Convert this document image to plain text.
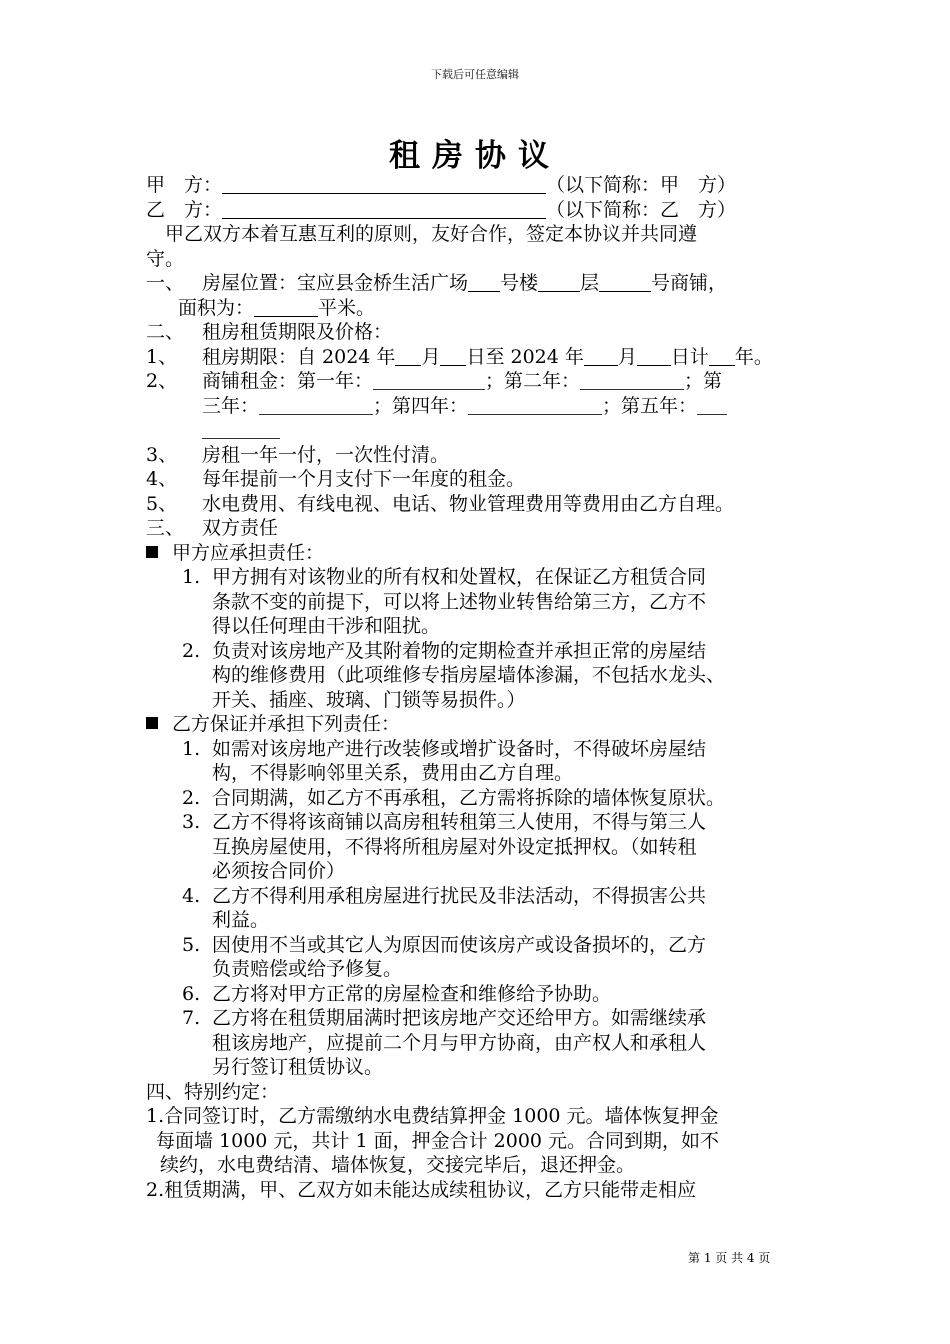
下载后可任意编辑
租房协议
甲　方：	（以下简称：甲　方）
乙　方：	（以下简称：乙　方）
　甲乙双方本着互惠互利的原则，友好合作，签定本协议并共同遵
守。
一、 房屋位置：宝应县金桥生活广场 号楼 层	号商铺，
面积为：	平米。
二、 租房租赁期限及价格：
1、 租房期限：自 2024 年 月 日至 2024 年 月 日计 年。
2、 商铺租金：第一年：	；第二年：	；第
三年：	；第四年：	；第五年：
3、 房租一年一付，一次性付清。
4、 每年提前一个月支付下一年度的租金。
5、 水电费用、有线电视、电话、物业管理费用等费用由乙方自理。
三、 双方责任
甲方应承担责任：
1. 甲方拥有对该物业的所有权和处置权，在保证乙方租赁合同
条款不变的前提下，可以将上述物业转售给第三方，乙方不
得以任何理由干涉和阻扰。
2. 负责对该房地产及其附着物的定期检查并承担正常的房屋结
构的维修费用（此项维修专指房屋墙体渗漏，不包括水龙头、
开关、插座、玻璃、门锁等易损件。）
乙方保证并承担下列责任：
1. 如需对该房地产进行改装修或增扩设备时，不得破坏房屋结
构，不得影响邻里关系，费用由乙方自理。
2. 合同期满，如乙方不再承租，乙方需将拆除的墙体恢复原状。
3. 乙方不得将该商铺以高房租转租第三人使用，不得与第三人
互换房屋使用，不得将所租房屋对外设定抵押权。（如转租
必须按合同价）
4. 乙方不得利用承租房屋进行扰民及非法活动，不得损害公共
利益。
5. 因使用不当或其它人为原因而使该房产或设备损坏的，乙方
负责赔偿或给予修复。
6. 乙方将对甲方正常的房屋检查和维修给予协助。
7. 乙方将在租赁期届满时把该房地产交还给甲方。如需继续承
租该房地产，应提前二个月与甲方协商，由产权人和承租人
另行签订租赁协议。
四、特别约定：
1.合同签订时，乙方需缴纳水电费结算押金 1000 元。墙体恢复押金
每面墙 1000 元，共计 1 面，押金合计 2000 元。合同到期，如不
续约，水电费结清、墙体恢复，交接完毕后，退还押金。
2.租赁期满，甲、乙双方如未能达成续租协议，乙方只能带走相应
第 1 页 共 4 页
